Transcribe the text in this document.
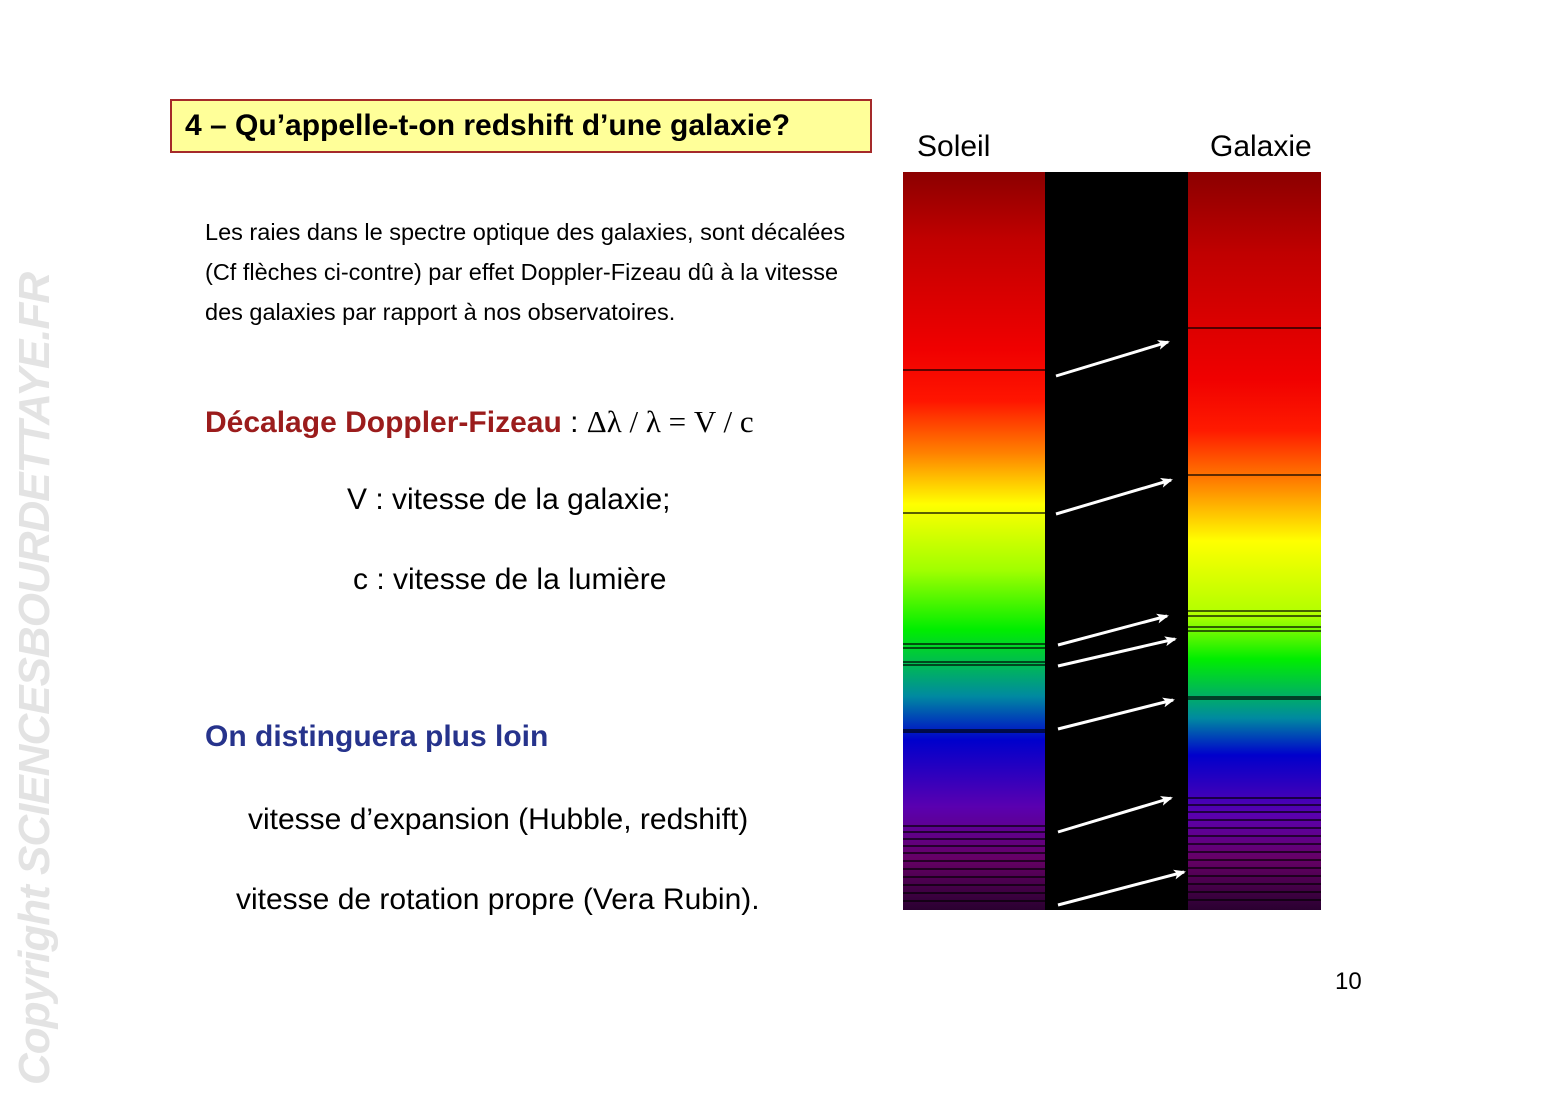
Copyright SCIENCESBOURDETTAYE.FR
4 – Qu’appelle-t-on redshift d’une galaxie?
Les raies dans le spectre optique des galaxies, sont décalées (Cf flèches ci-contre) par effet Doppler-Fizeau dû à la vitesse des galaxies par rapport à nos observatoires.
Décalage Doppler-Fizeau : Δλ / λ = V / c
V : vitesse de la galaxie;
c : vitesse de la lumière
On distinguera plus loin
vitesse d’expansion (Hubble, redshift)
vitesse de rotation propre (Vera Rubin).
Soleil	Galaxie
10
